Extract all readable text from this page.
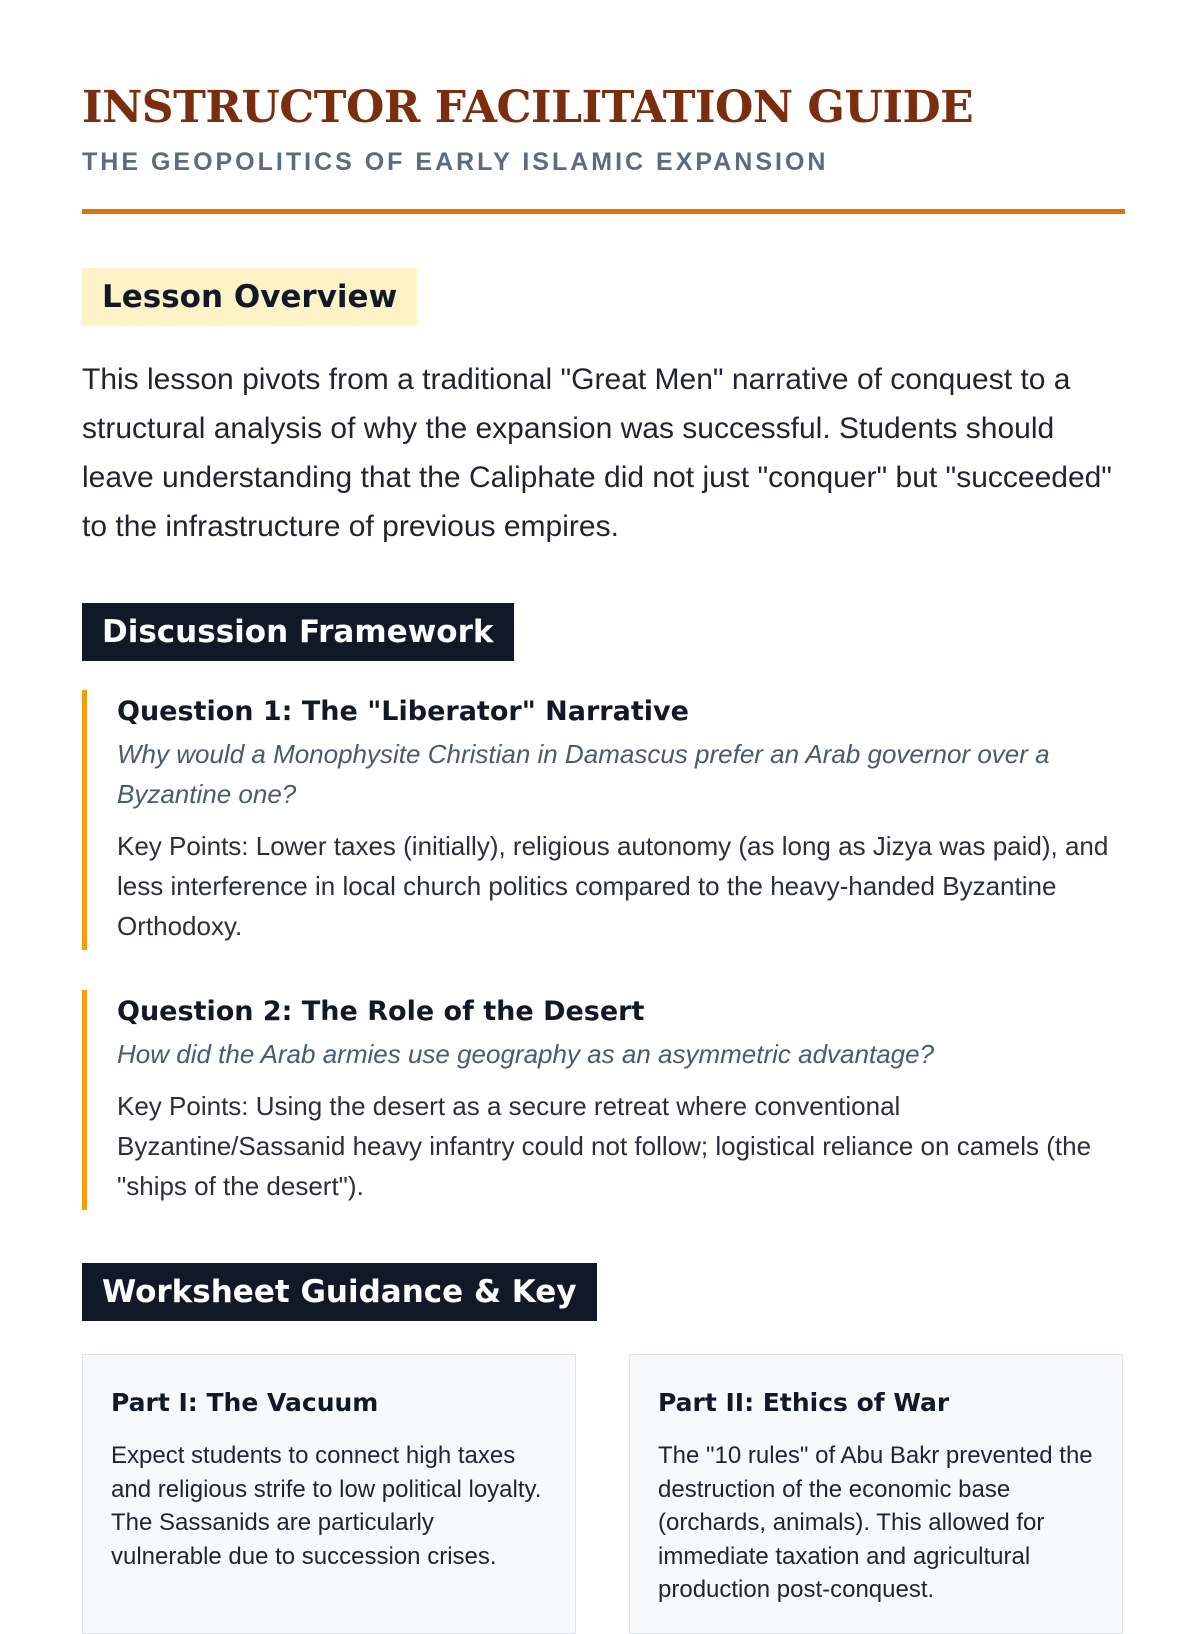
INSTRUCTOR FACILITATION GUIDE
THE GEOPOLITICS OF EARLY ISLAMIC EXPANSION
Lesson Overview

This lesson pivots from a traditional "Great Men" narrative of conquest to a structural analysis of why the expansion was successful. Students should leave understanding that the Caliphate did not just "conquer" but "succeeded" to the infrastructure of previous empires.

Discussion Framework
Question 1: The "Liberator" Narrative

Why would a Monophysite Christian in Damascus prefer an Arab governor over a Byzantine one?

Key Points: Lower taxes (initially), religious autonomy (as long as Jizya was paid), and less interference in local church politics compared to the heavy-handed Byzantine Orthodoxy.

Question 2: The Role of the Desert

How did the Arab armies use geography as an asymmetric advantage?

Key Points: Using the desert as a secure retreat where conventional Byzantine/Sassanid heavy infantry could not follow; logistical reliance on camels (the "ships of the desert").

Worksheet Guidance & Key
Part I: The Vacuum

Expect students to connect high taxes and religious strife to low political loyalty. The Sassanids are particularly vulnerable due to succession crises.

Part II: Ethics of War

The "10 rules" of Abu Bakr prevented the destruction of the economic base (orchards, animals). This allowed for immediate taxation and agricultural production post-conquest.
